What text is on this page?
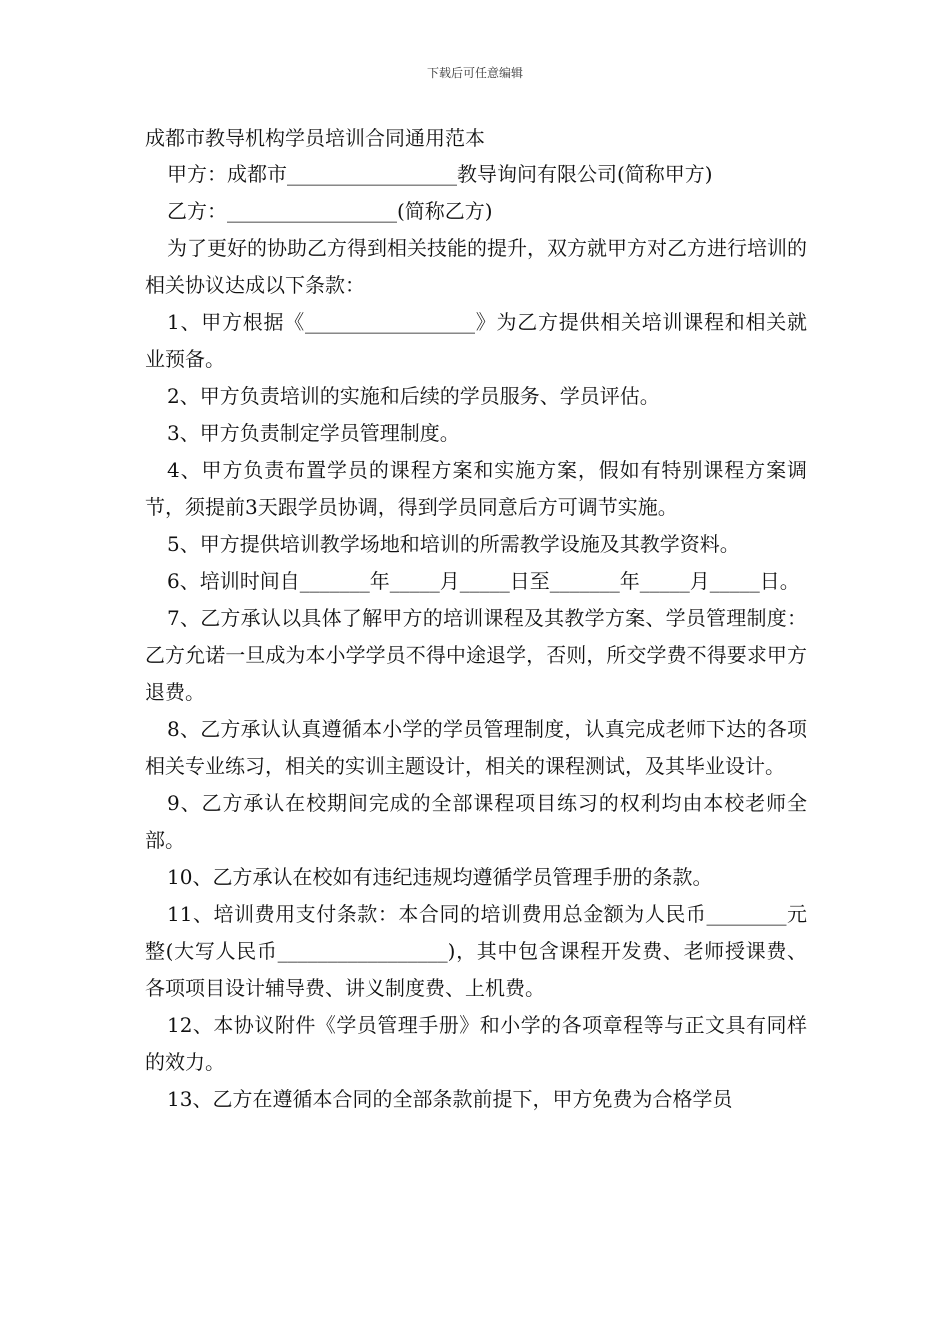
下载后可任意编辑
成都市教导机构学员培训合同通用范本

甲方：成都市_________________教导询问有限公司(简称甲方)

乙方：_________________(简称乙方)

为了更好的协助乙方得到相关技能的提升，双方就甲方对乙方进行培训的相关协议达成以下条款：

1、甲方根据《_________________》为乙方提供相关培训课程和相关就业预备。

2、甲方负责培训的实施和后续的学员服务、学员评估。

3、甲方负责制定学员管理制度。

4、甲方负责布置学员的课程方案和实施方案，假如有特别课程方案调节，须提前3天跟学员协调，得到学员同意后方可调节实施。

5、甲方提供培训教学场地和培训的所需教学设施及其教学资料。

6、培训时间自_______年_____月_____日至_______年_____月_____日。

7、乙方承认以具体了解甲方的培训课程及其教学方案、学员管理制度：乙方允诺一旦成为本小学学员不得中途退学，否则，所交学费不得要求甲方退费。

8、乙方承认认真遵循本小学的学员管理制度，认真完成老师下达的各项相关专业练习，相关的实训主题设计，相关的课程测试，及其毕业设计。

9、乙方承认在校期间完成的全部课程项目练习的权利均由本校老师全部。

10、乙方承认在校如有违纪违规均遵循学员管理手册的条款。

11、培训费用支付条款：本合同的培训费用总金额为人民币________元整(大写人民币_________________)，其中包含课程开发费、老师授课费、各项项目设计辅导费、讲义制度费、上机费。

12、本协议附件《学员管理手册》和小学的各项章程等与正文具有同样的效力。

13、乙方在遵循本合同的全部条款前提下，甲方免费为合格学员
